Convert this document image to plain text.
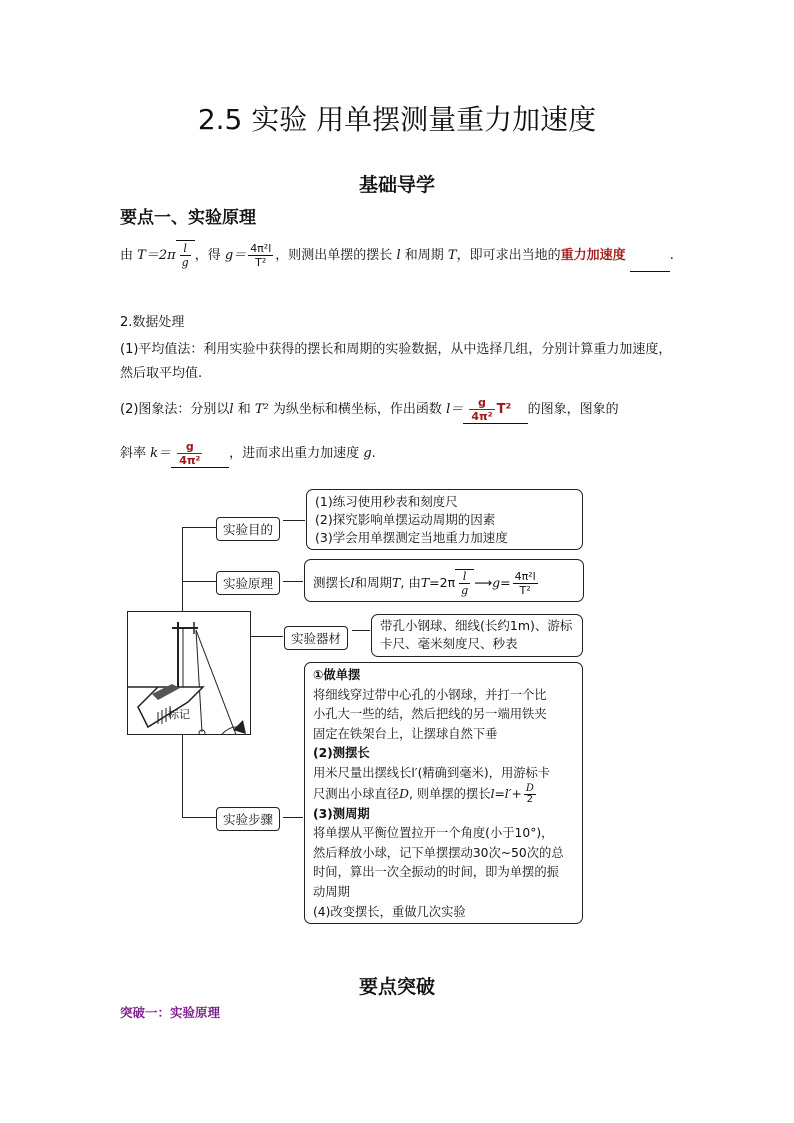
2.5 实验 用单摆测量重力加速度
基础导学
要点一、实验原理
由 $T=2\pi \frac{l}{g}$ ，得 $g= \frac{\text{4π²l}}{\text{T²}}$ ，则测出单摆的摆长 l 和周期 T，即可求出当地的重力加速度	.
2.数据处理
(1)平均值法：利用实验中获得的摆长和周期的实验数据，从中选择几组，分别计算重力加速度，然后取平均值.
(2)图象法：分别以l 和 T² 为纵坐标和横坐标，作出函数 $l= \frac{g}{\text{4π²}} T^2$ 的图象，图象的
斜率 $k= \frac{g}{\text{4π²}}$ ，进而求出重力加速度 g.
实验目的
实验原理
实验器材
实验步骤
(1)练习使用秒表和刻度尺
(2)探究影响单摆运动周期的因素
(3)学会用单摆测定当地重力加速度
测摆长l和周期T, 由$T=2\pi \frac{l}{g}$ ⟶g= $\frac{\text{4π²l}}{\text{T²}}$
带孔小钢球、细线(长约1m)、游标
卡尺、毫米刻度尺、秒表
标记
①做单摆
将细线穿过带中心孔的小钢球，并打一个比
小孔大一些的结，然后把线的另一端用铁夹
固定在铁架台上，让摆球自然下垂
(2)测摆长
用米尺量出摆线长l′(精确到毫米)，用游标卡
尺测出小球直径D, 则单摆的摆长$l=l'+ \frac{D}{2}$
(3)测周期
将单摆从平衡位置拉开一个角度(小于10°)，
然后释放小球，记下单摆摆动30次~50次的总
时间，算出一次全振动的时间，即为单摆的振
动周期
(4)改变摆长，重做几次实验
要点突破
突破一：实验原理
